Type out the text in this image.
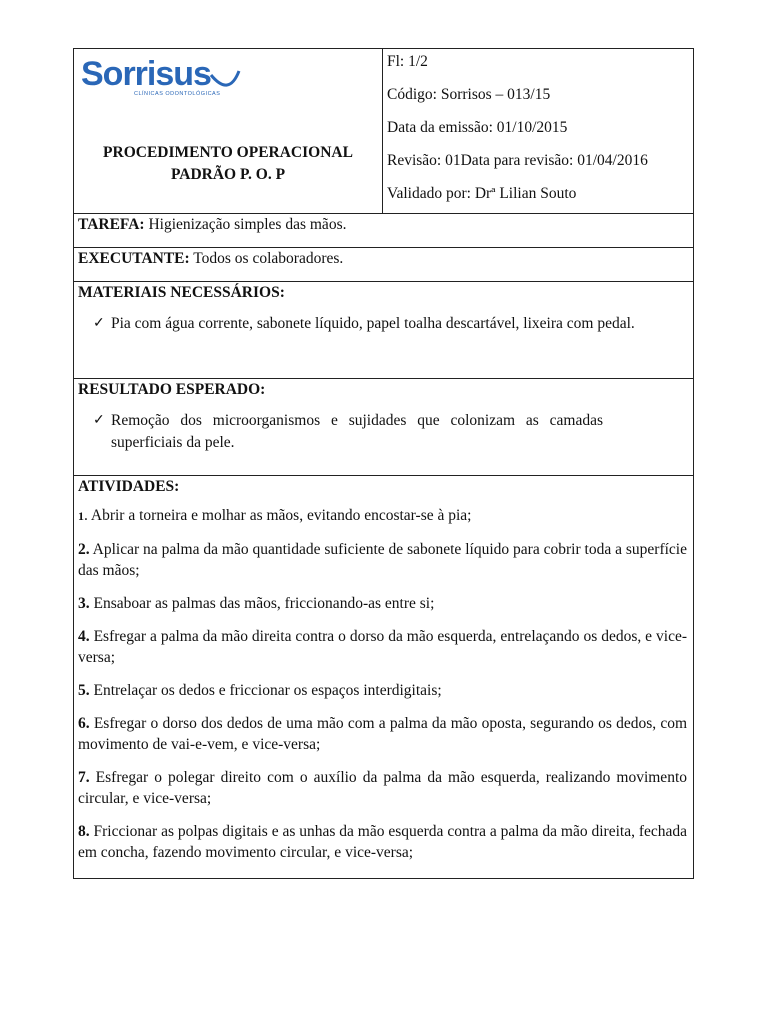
Sorrisus
CLÍNICAS ODONTOLÓGICAS
PROCEDIMENTO OPERACIONAL
PADRÃO P. O. P

Fl: 1/2
Código: Sorrisos – 013/15
Data da emissão: 01/10/2015
Revisão: 01Data para revisão: 01/04/2016
Validado por: Drª Lilian Souto

TAREFA: Higienização simples das mãos.

EXECUTANTE: Todos os colaboradores.

MATERIAIS NECESSÁRIOS:
✓ Pia com água corrente, sabonete líquido, papel toalha descartável, lixeira com pedal.

RESULTADO ESPERADO:
✓ Remoção dos microorganismos e sujidades que colonizam as camadas superficiais da pele.

ATIVIDADES:
1. Abrir a torneira e molhar as mãos, evitando encostar-se à pia;
2. Aplicar na palma da mão quantidade suficiente de sabonete líquido para cobrir toda a superfície das mãos;
3. Ensaboar as palmas das mãos, friccionando-as entre si;
4. Esfregar a palma da mão direita contra o dorso da mão esquerda, entrelaçando os dedos, e vice-versa;
5. Entrelaçar os dedos e friccionar os espaços interdigitais;
6. Esfregar o dorso dos dedos de uma mão com a palma da mão oposta, segurando os dedos, com movimento de vai-e-vem, e vice-versa;
7. Esfregar o polegar direito com o auxílio da palma da mão esquerda, realizando movimento circular, e vice-versa;
8. Friccionar as polpas digitais e as unhas da mão esquerda contra a palma da mão direita, fechada em concha, fazendo movimento circular, e vice-versa;
